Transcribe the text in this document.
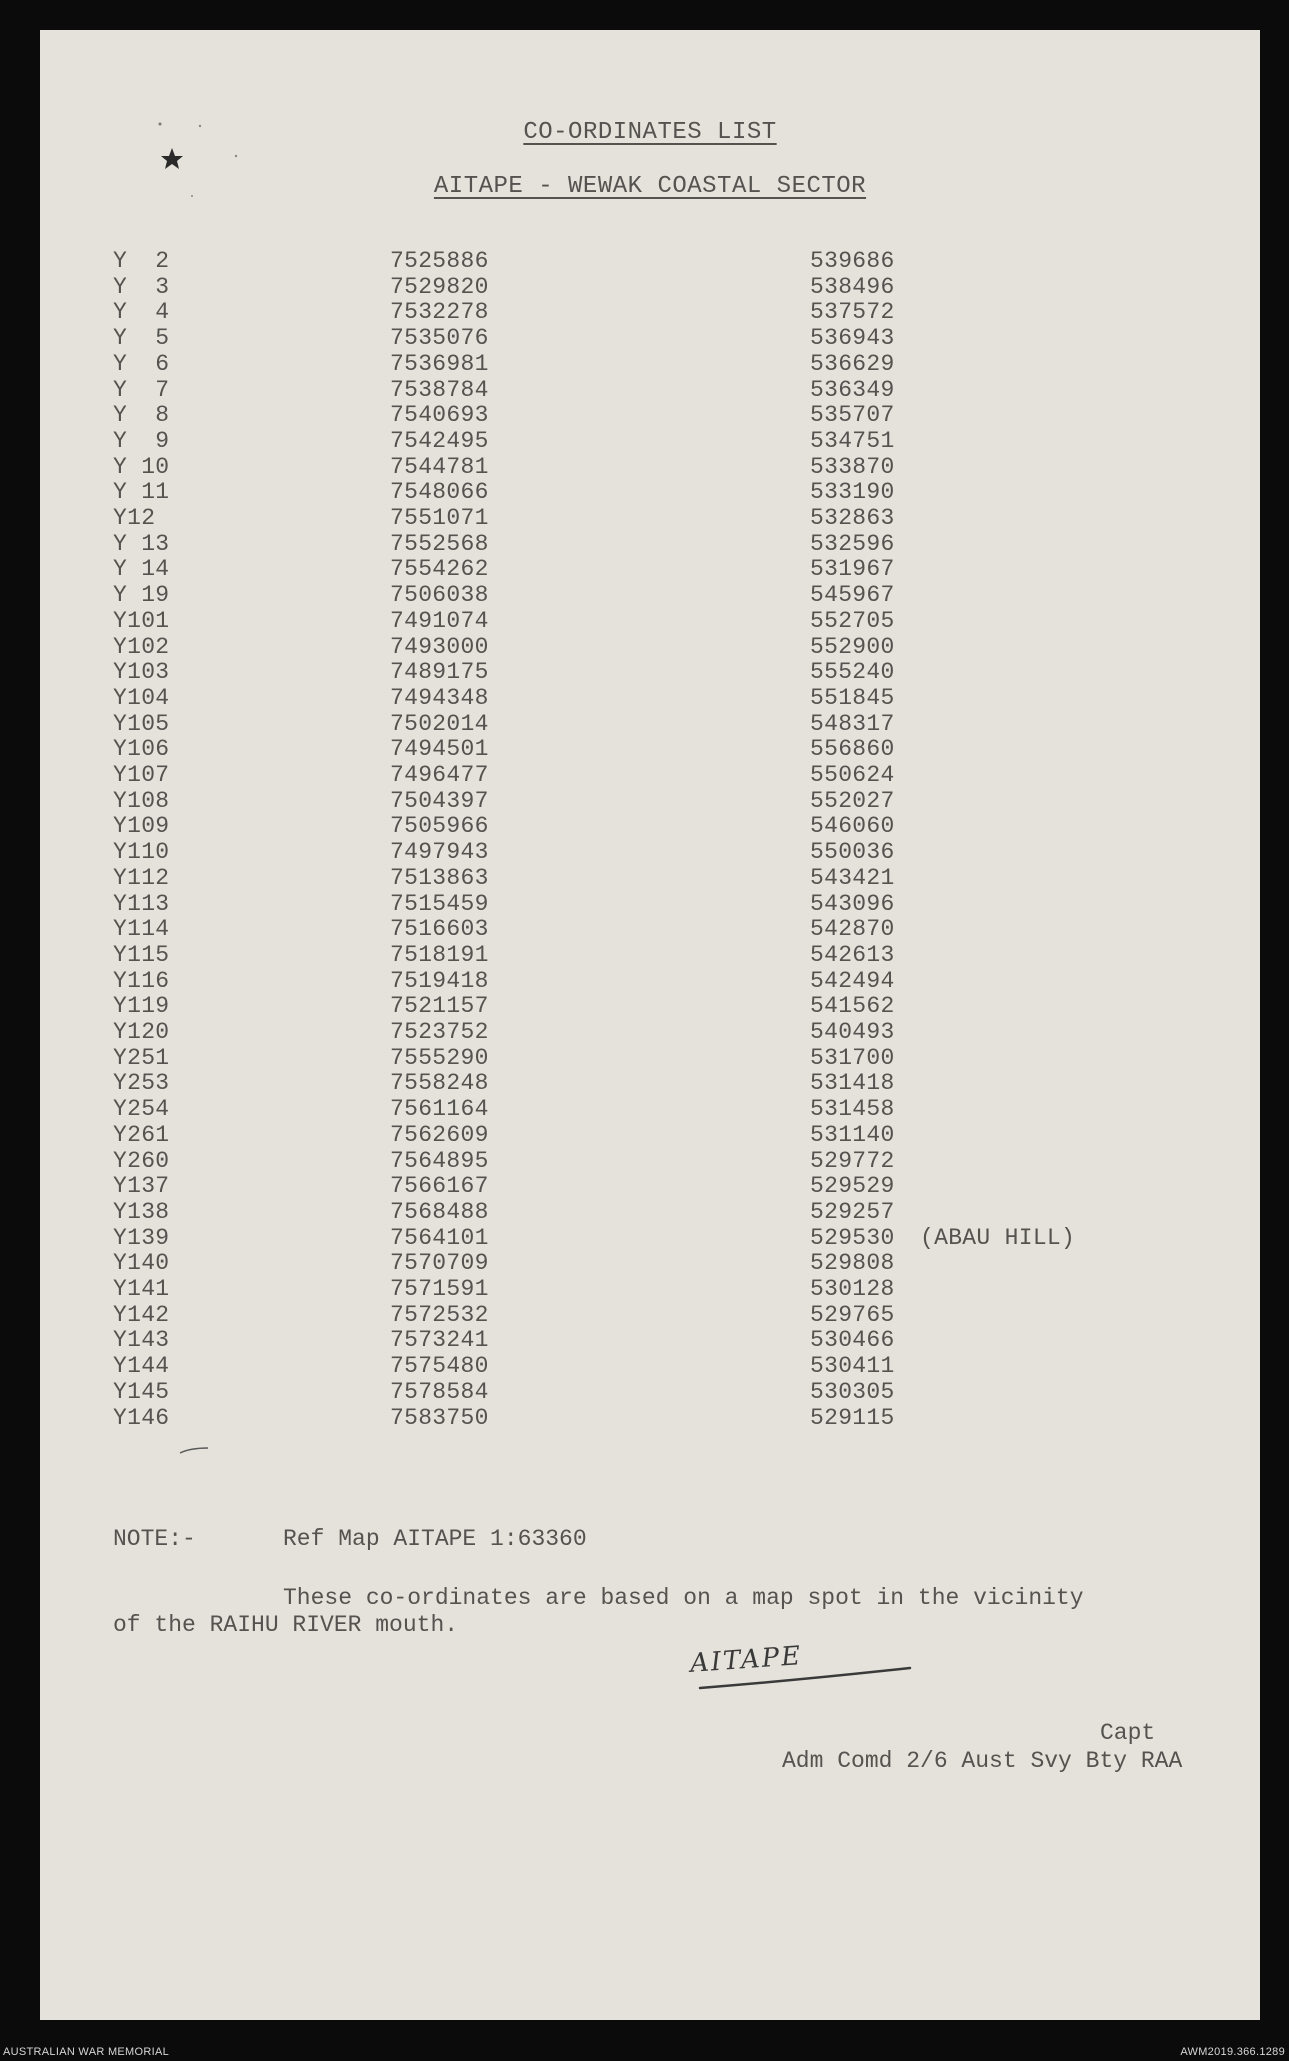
CO-ORDINATES LIST
AITAPE - WEWAK COASTAL SECTOR
Y  2	7525886	539686
Y  3	7529820	538496
Y  4	7532278	537572
Y  5	7535076	536943
Y  6	7536981	536629
Y  7	7538784	536349
Y  8	7540693	535707
Y  9	7542495	534751
Y 10	7544781	533870
Y 11	7548066	533190
Y12	7551071	532863
Y 13	7552568	532596
Y 14	7554262	531967
Y 19	7506038	545967
Y101	7491074	552705
Y102	7493000	552900
Y103	7489175	555240
Y104	7494348	551845
Y105	7502014	548317
Y106	7494501	556860
Y107	7496477	550624
Y108	7504397	552027
Y109	7505966	546060
Y110	7497943	550036
Y112	7513863	543421
Y113	7515459	543096
Y114	7516603	542870
Y115	7518191	542613
Y116	7519418	542494
Y119	7521157	541562
Y120	7523752	540493
Y251	7555290	531700
Y253	7558248	531418
Y254	7561164	531458
Y261	7562609	531140
Y260	7564895	529772
Y137	7566167	529529
Y138	7568488	529257
Y139	7564101	529530	(ABAU HILL)
Y140	7570709	529808
Y141	7571591	530128
Y142	7572532	529765
Y143	7573241	530466
Y144	7575480	530411
Y145	7578584	530305
Y146	7583750	529115
NOTE:-	Ref Map AITAPE 1:63360
These co-ordinates are based on a map spot in the vicinity
of the RAIHU RIVER mouth.
AITAPE
Capt
Adm Comd 2/6 Aust Svy Bty RAA
AUSTRALIAN WAR MEMORIAL	AWM2019.366.1289
